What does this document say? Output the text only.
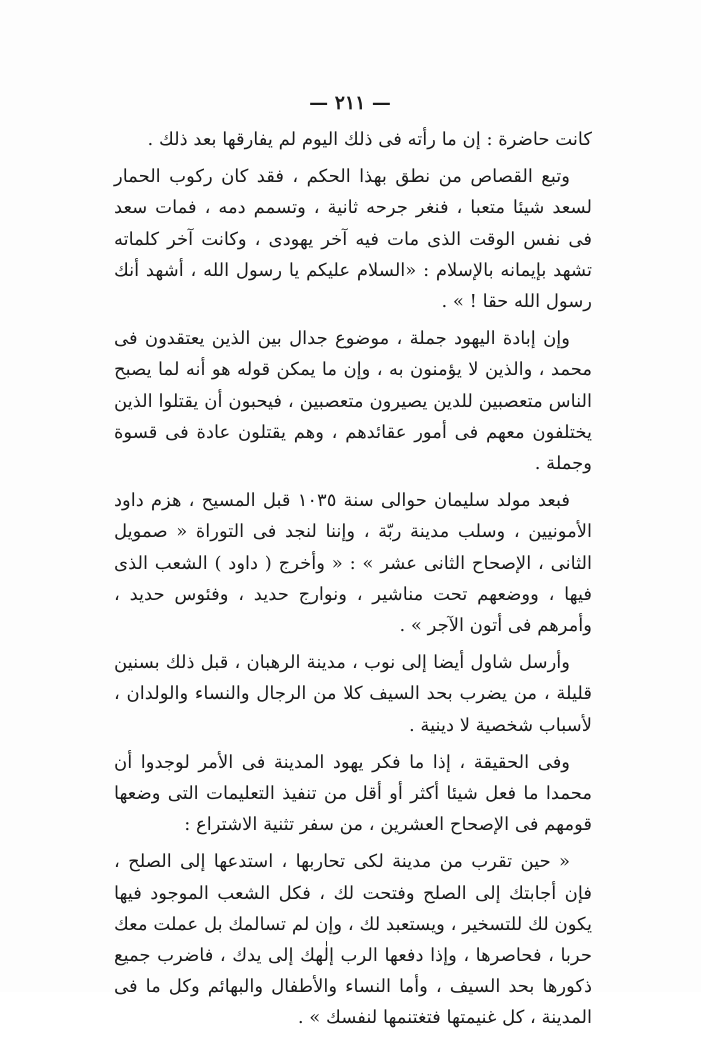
— ٢١١ —

كانت حاضرة : إن ما رأته فى ذلك اليوم لم يفارقها بعد ذلك .

وتبع القصاص من نطق بهذا الحكم ، فقد كان ركوب الحمار لسعد شيئا متعبا ، فنغر جرحه ثانية ، وتسمم دمه ، فمات سعد فى نفس الوقت الذى مات فيه آخر يهودى ، وكانت آخر كلماته تشهد بإيمانه بالإسلام : «السلام عليكم يا رسول الله ، أشهد أنك رسول الله حقا ! » .

وإن إبادة اليهود جملة ، موضوع جدال بين الذين يعتقدون فى محمد ، والذين لا يؤمنون به ، وإن ما يمكن قوله هو أنه لما يصبح الناس متعصبين للدين يصيرون متعصبين ، فيحبون أن يقتلوا الذين يختلفون معهم فى أمور عقائدهم ، وهم يقتلون عادة فى قسوة وجملة .

فبعد مولد سليمان حوالى سنة ١٠٣٥ قبل المسيح ، هزم داود الأمونيين ، وسلب مدينة ربّة ، وإننا لنجد فى التوراة « صمويل الثانى ، الإصحاح الثانى عشر » : « وأخرج ( داود ) الشعب الذى فيها ، ووضعهم تحت مناشير ، ونوارج حديد ، وفئوس حديد ، وأمرهم فى أتون الآجر » .

وأرسل شاول أيضا إلى نوب ، مدينة الرهبان ، قبل ذلك بسنين قليلة ، من يضرب بحد السيف كلا من الرجال والنساء والولدان ، لأسباب شخصية لا دينية .

وفى الحقيقة ، إذا ما فكر يهود المدينة فى الأمر لوجدوا أن محمدا ما فعل شيئا أكثر أو أقل من تنفيذ التعليمات التى وضعها قومهم فى الإصحاح العشرين ، من سفر تثنية الاشتراع :

« حين تقرب من مدينة لكى تحاربها ، استدعها إلى الصلح ، فإن أجابتك إلى الصلح وفتحت لك ، فكل الشعب الموجود فيها يكون لك للتسخير ، ويستعبد لك ، وإن لم تسالمك بل عملت معك حربا ، فحاصرها ، وإذا دفعها الرب إلٰهك إلى يدك ، فاضرب جميع ذكورها بحد السيف ، وأما النساء والأطفال والبهائم وكل ما فى المدينة ، كل غنيمتها فتغتنمها لنفسك » .
